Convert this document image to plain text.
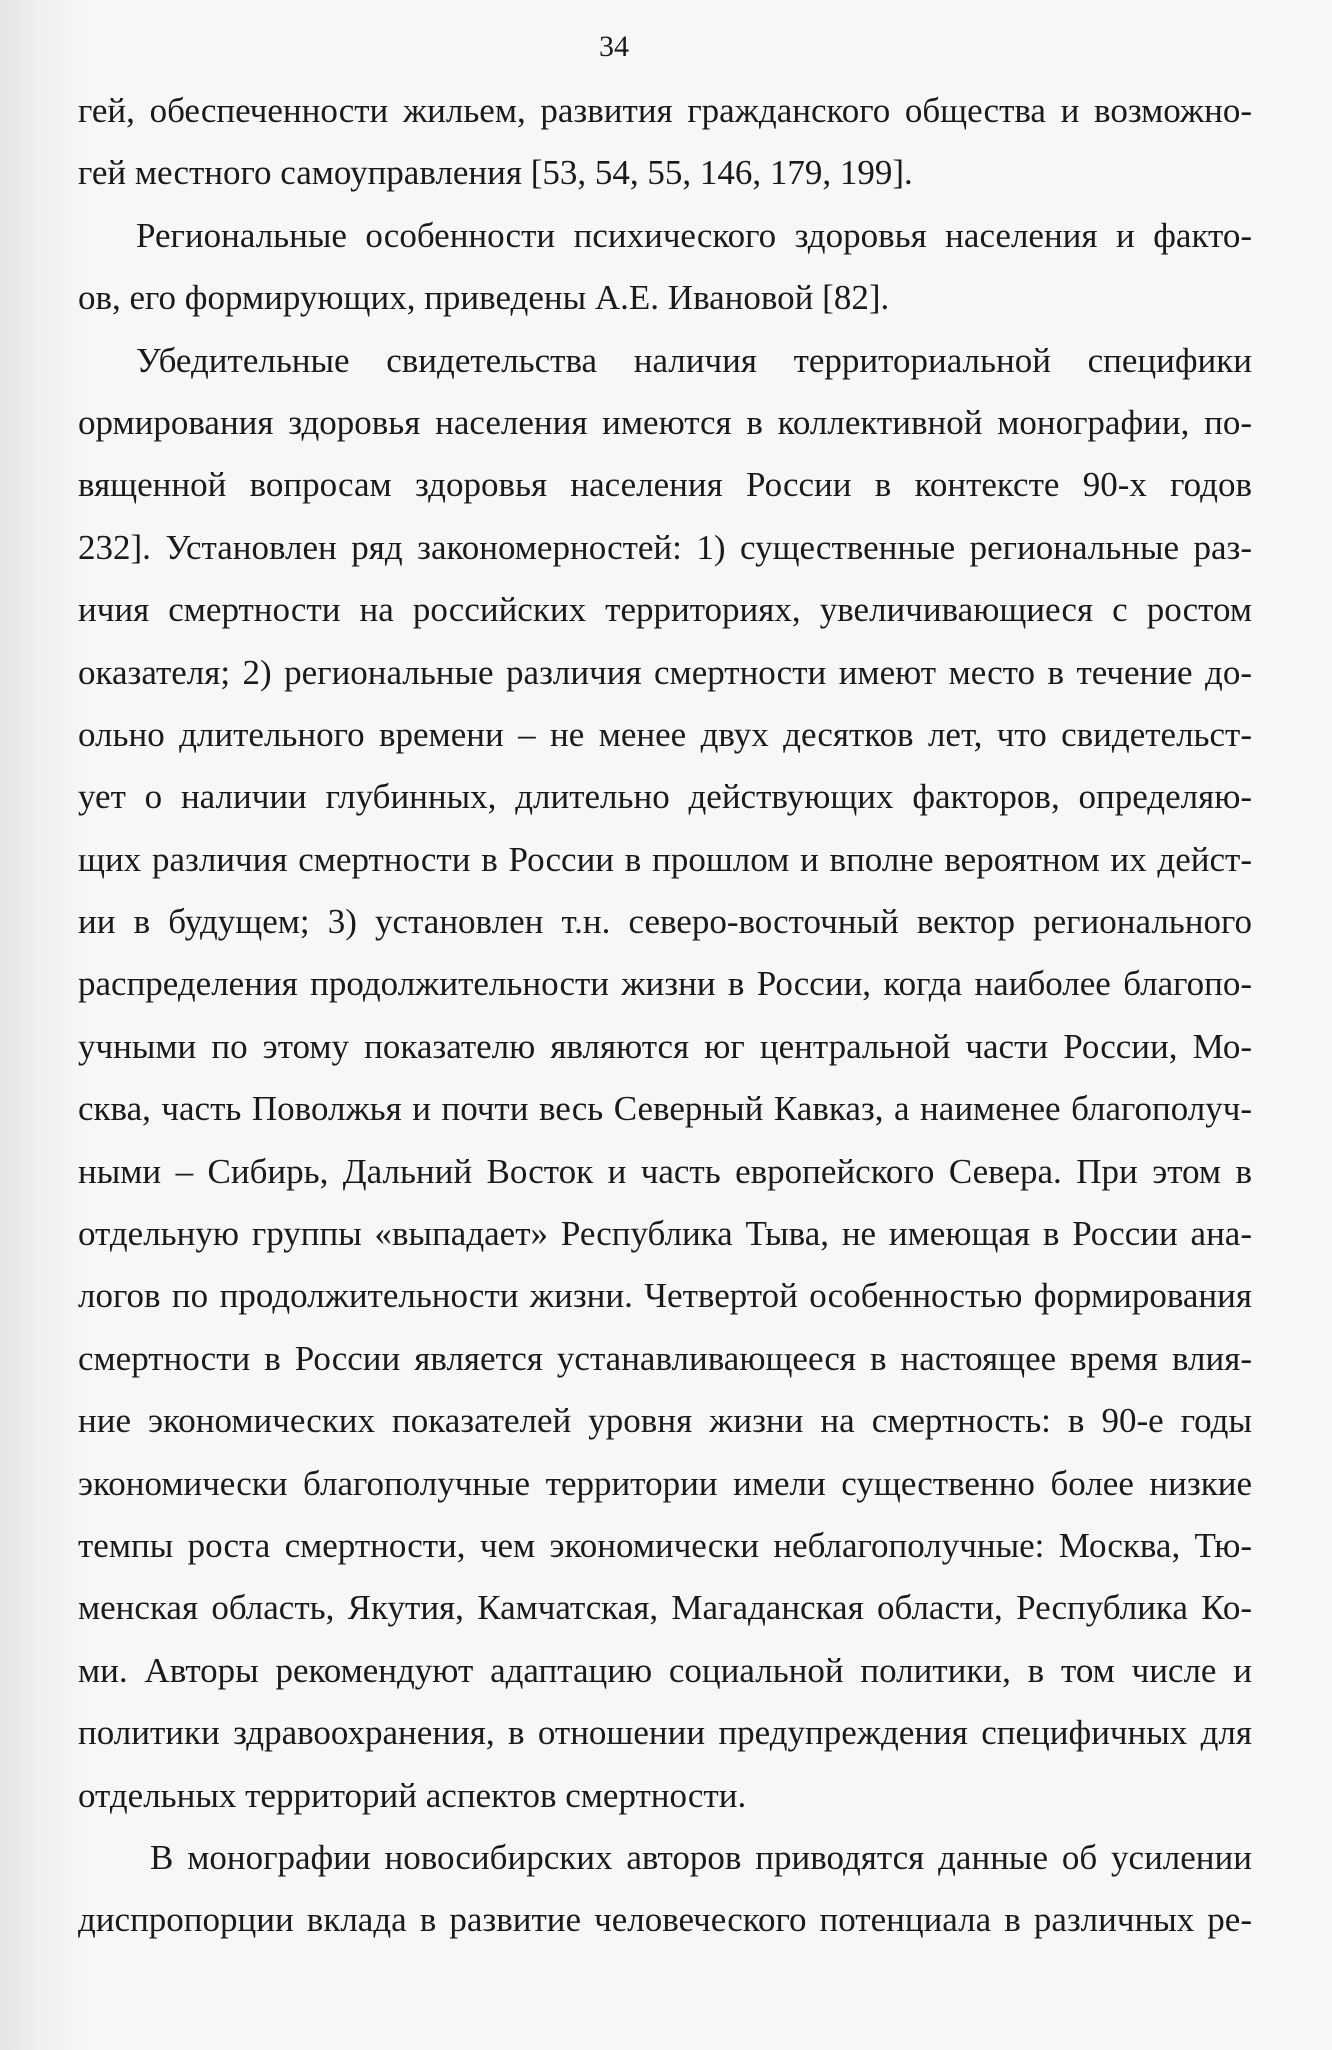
34
гей, обеспеченности жильем, развития гражданского общества и возможно-
гей местного самоуправления [53, 54, 55, 146, 179, 199].
Региональные особенности психического здоровья населения и факто-
ов, его формирующих, приведены А.Е. Ивановой [82].
Убедительные свидетельства наличия территориальной специфики
ормирования здоровья населения имеются в коллективной монографии, по-
вященной вопросам здоровья населения России в контексте 90-х годов
232]. Установлен ряд закономерностей: 1) существенные региональные раз-
ичия смертности на российских территориях, увеличивающиеся с ростом
оказателя; 2) региональные различия смертности имеют место в течение до-
ольно длительного времени – не менее двух десятков лет, что свидетельст-
ует о наличии глубинных, длительно действующих факторов, определяю-
щих различия смертности в России в прошлом и вполне вероятном их дейст-
ии в будущем; 3) установлен т.н. северо-восточный вектор регионального
распределения продолжительности жизни в России, когда наиболее благопо-
учными по этому показателю являются юг центральной части России, Мо-
сква, часть Поволжья и почти весь Северный Кавказ, а наименее благополуч-
ными – Сибирь, Дальний Восток и часть европейского Севера. При этом в
отдельную группы «выпадает» Республика Тыва, не имеющая в России ана-
логов по продолжительности жизни. Четвертой особенностью формирования
смертности в России является устанавливающееся в настоящее время влия-
ние экономических показателей уровня жизни на смертность: в 90-е годы
экономически благополучные территории имели существенно более низкие
темпы роста смертности, чем экономически неблагополучные: Москва, Тю-
менская область, Якутия, Камчатская, Магаданская области, Республика Ко-
ми. Авторы рекомендуют адаптацию социальной политики, в том числе и
политики здравоохранения, в отношении предупреждения специфичных для
отдельных территорий аспектов смертности.
В монографии новосибирских авторов приводятся данные об усилении
диспропорции вклада в развитие человеческого потенциала в различных ре-
